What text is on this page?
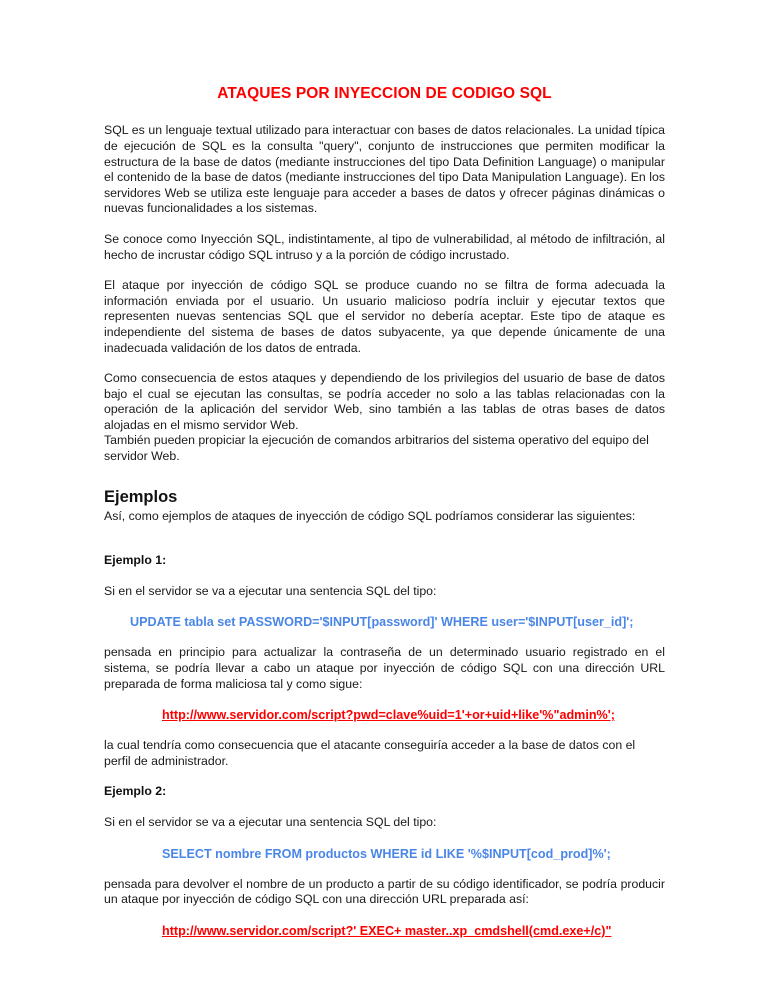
ATAQUES POR INYECCION DE CODIGO SQL

SQL es un lenguaje textual utilizado para interactuar con bases de datos relacionales. La unidad típica de ejecución de SQL es la consulta "query", conjunto de instrucciones que permiten modificar la estructura de la base de datos (mediante instrucciones del tipo Data Definition Language) o manipular el contenido de la base de datos (mediante instrucciones del tipo Data Manipulation Language). En los servidores Web se utiliza este lenguaje para acceder a bases de datos y ofrecer páginas dinámicas o nuevas funcionalidades a los sistemas.

Se conoce como Inyección SQL, indistintamente, al tipo de vulnerabilidad, al método de infiltración, al hecho de incrustar código SQL intruso y a la porción de código incrustado.

El ataque por inyección de código SQL se produce cuando no se filtra de forma adecuada la información enviada por el usuario. Un usuario malicioso podría incluir y ejecutar textos que representen nuevas sentencias SQL que el servidor no debería aceptar. Este tipo de ataque es independiente del sistema de bases de datos subyacente, ya que depende únicamente de una inadecuada validación de los datos de entrada.

Como consecuencia de estos ataques y dependiendo de los privilegios del usuario de base de datos bajo el cual se ejecutan las consultas, se podría acceder no solo a las tablas relacionadas con la operación de la aplicación del servidor Web, sino también a las tablas de otras bases de datos alojadas en el mismo servidor Web.

También pueden propiciar la ejecución de comandos arbitrarios del sistema operativo del equipo del servidor Web.

Ejemplos

Así, como ejemplos de ataques de inyección de código SQL podríamos considerar las siguientes:

Ejemplo 1:

Si en el servidor se va a ejecutar una sentencia SQL del tipo:

UPDATE tabla set PASSWORD='$INPUT[password]' WHERE user='$INPUT[user_id]';

pensada en principio para actualizar la contraseña de un determinado usuario registrado en el sistema, se podría llevar a cabo un ataque por inyección de código SQL con una dirección URL preparada de forma maliciosa tal y como sigue:

http://www.servidor.com/script?pwd=clave%uid=1'+or+uid+like'%"admin%';

la cual tendría como consecuencia que el atacante conseguiría acceder a la base de datos con el perfil de administrador.

Ejemplo 2:

Si en el servidor se va a ejecutar una sentencia SQL del tipo:

SELECT nombre FROM productos WHERE id LIKE '%$INPUT[cod_prod]%';

pensada para devolver el nombre de un producto a partir de su código identificador, se podría producir un ataque por inyección de código SQL con una dirección URL preparada así:

http://www.servidor.com/script?' EXEC+ master..xp_cmdshell(cmd.exe+/c)"
